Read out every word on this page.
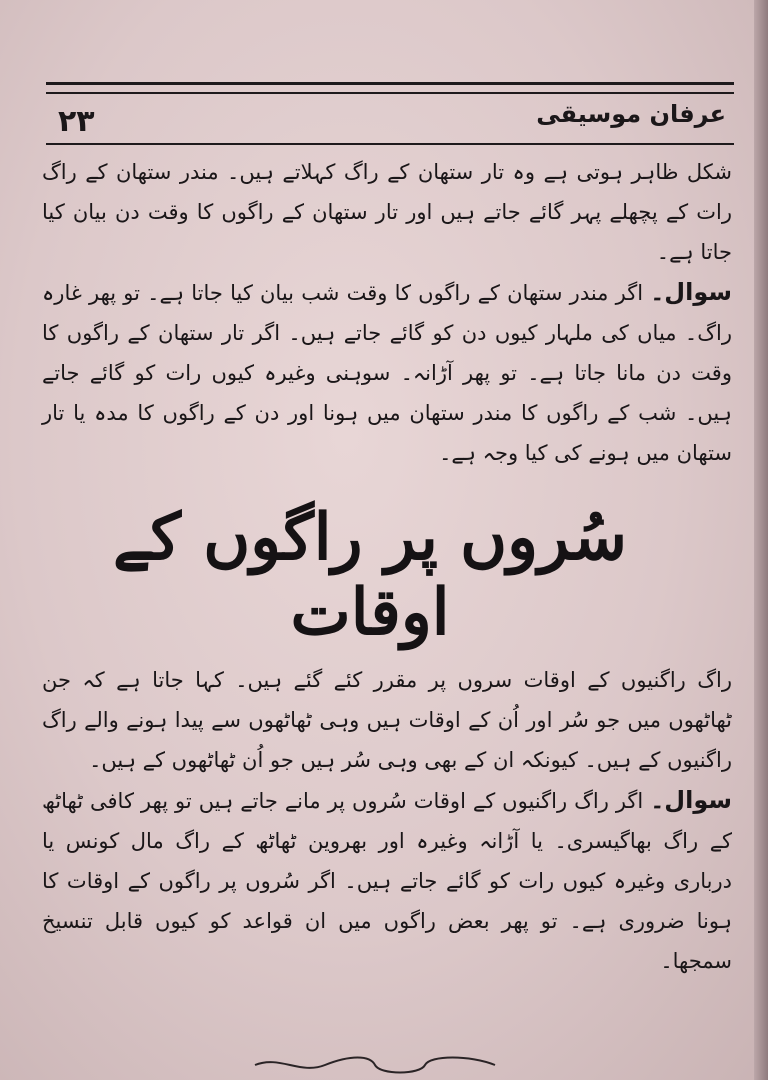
۲۳	عرفان موسیقی

شکل ظاہر ہوتی ہے وہ تار ستھان کے راگ کہلاتے ہیں۔ مندر ستھان کے راگ رات کے پچھلے پہر گائے جاتے ہیں اور تار ستھان کے راگوں کا وقت دن بیان کیا جاتا ہے۔

سوال۔ اگر مندر ستھان کے راگوں کا وقت شب بیان کیا جاتا ہے۔ تو پھر غارہ راگ۔ میاں کی ملہار کیوں دن کو گائے جاتے ہیں۔ اگر تار ستھان کے راگوں کا وقت دن مانا جاتا ہے۔ تو پھر آڑانہ۔ سوہنی وغیرہ کیوں رات کو گائے جاتے ہیں۔ شب کے راگوں کا مندر ستھان میں ہونا اور دن کے راگوں کا مدہ یا تار ستھان میں ہونے کی کیا وجہ ہے۔

سُروں پر راگوں کے اوقات

راگ راگنیوں کے اوقات سروں پر مقرر کئے گئے ہیں۔ کہا جاتا ہے کہ جن ٹھاٹھوں میں جو سُر اور اُن کے اوقات ہیں وہی ٹھاٹھوں سے پیدا ہونے والے راگ راگنیوں کے ہیں۔ کیونکہ ان کے بھی وہی سُر ہیں جو اُن ٹھاٹھوں کے ہیں۔

سوال۔ اگر راگ راگنیوں کے اوقات سُروں پر مانے جاتے ہیں تو پھر کافی ٹھاٹھ کے راگ بھاگیسری۔ یا آڑانہ وغیرہ اور بھروین ٹھاٹھ کے راگ مال کونس یا درباری وغیرہ کیوں رات کو گائے جاتے ہیں۔ اگر سُروں پر راگوں کے اوقات کا ہونا ضروری ہے۔ تو پھر بعض راگوں میں ان قواعد کو کیوں قابل تنسیخ سمجھا۔
